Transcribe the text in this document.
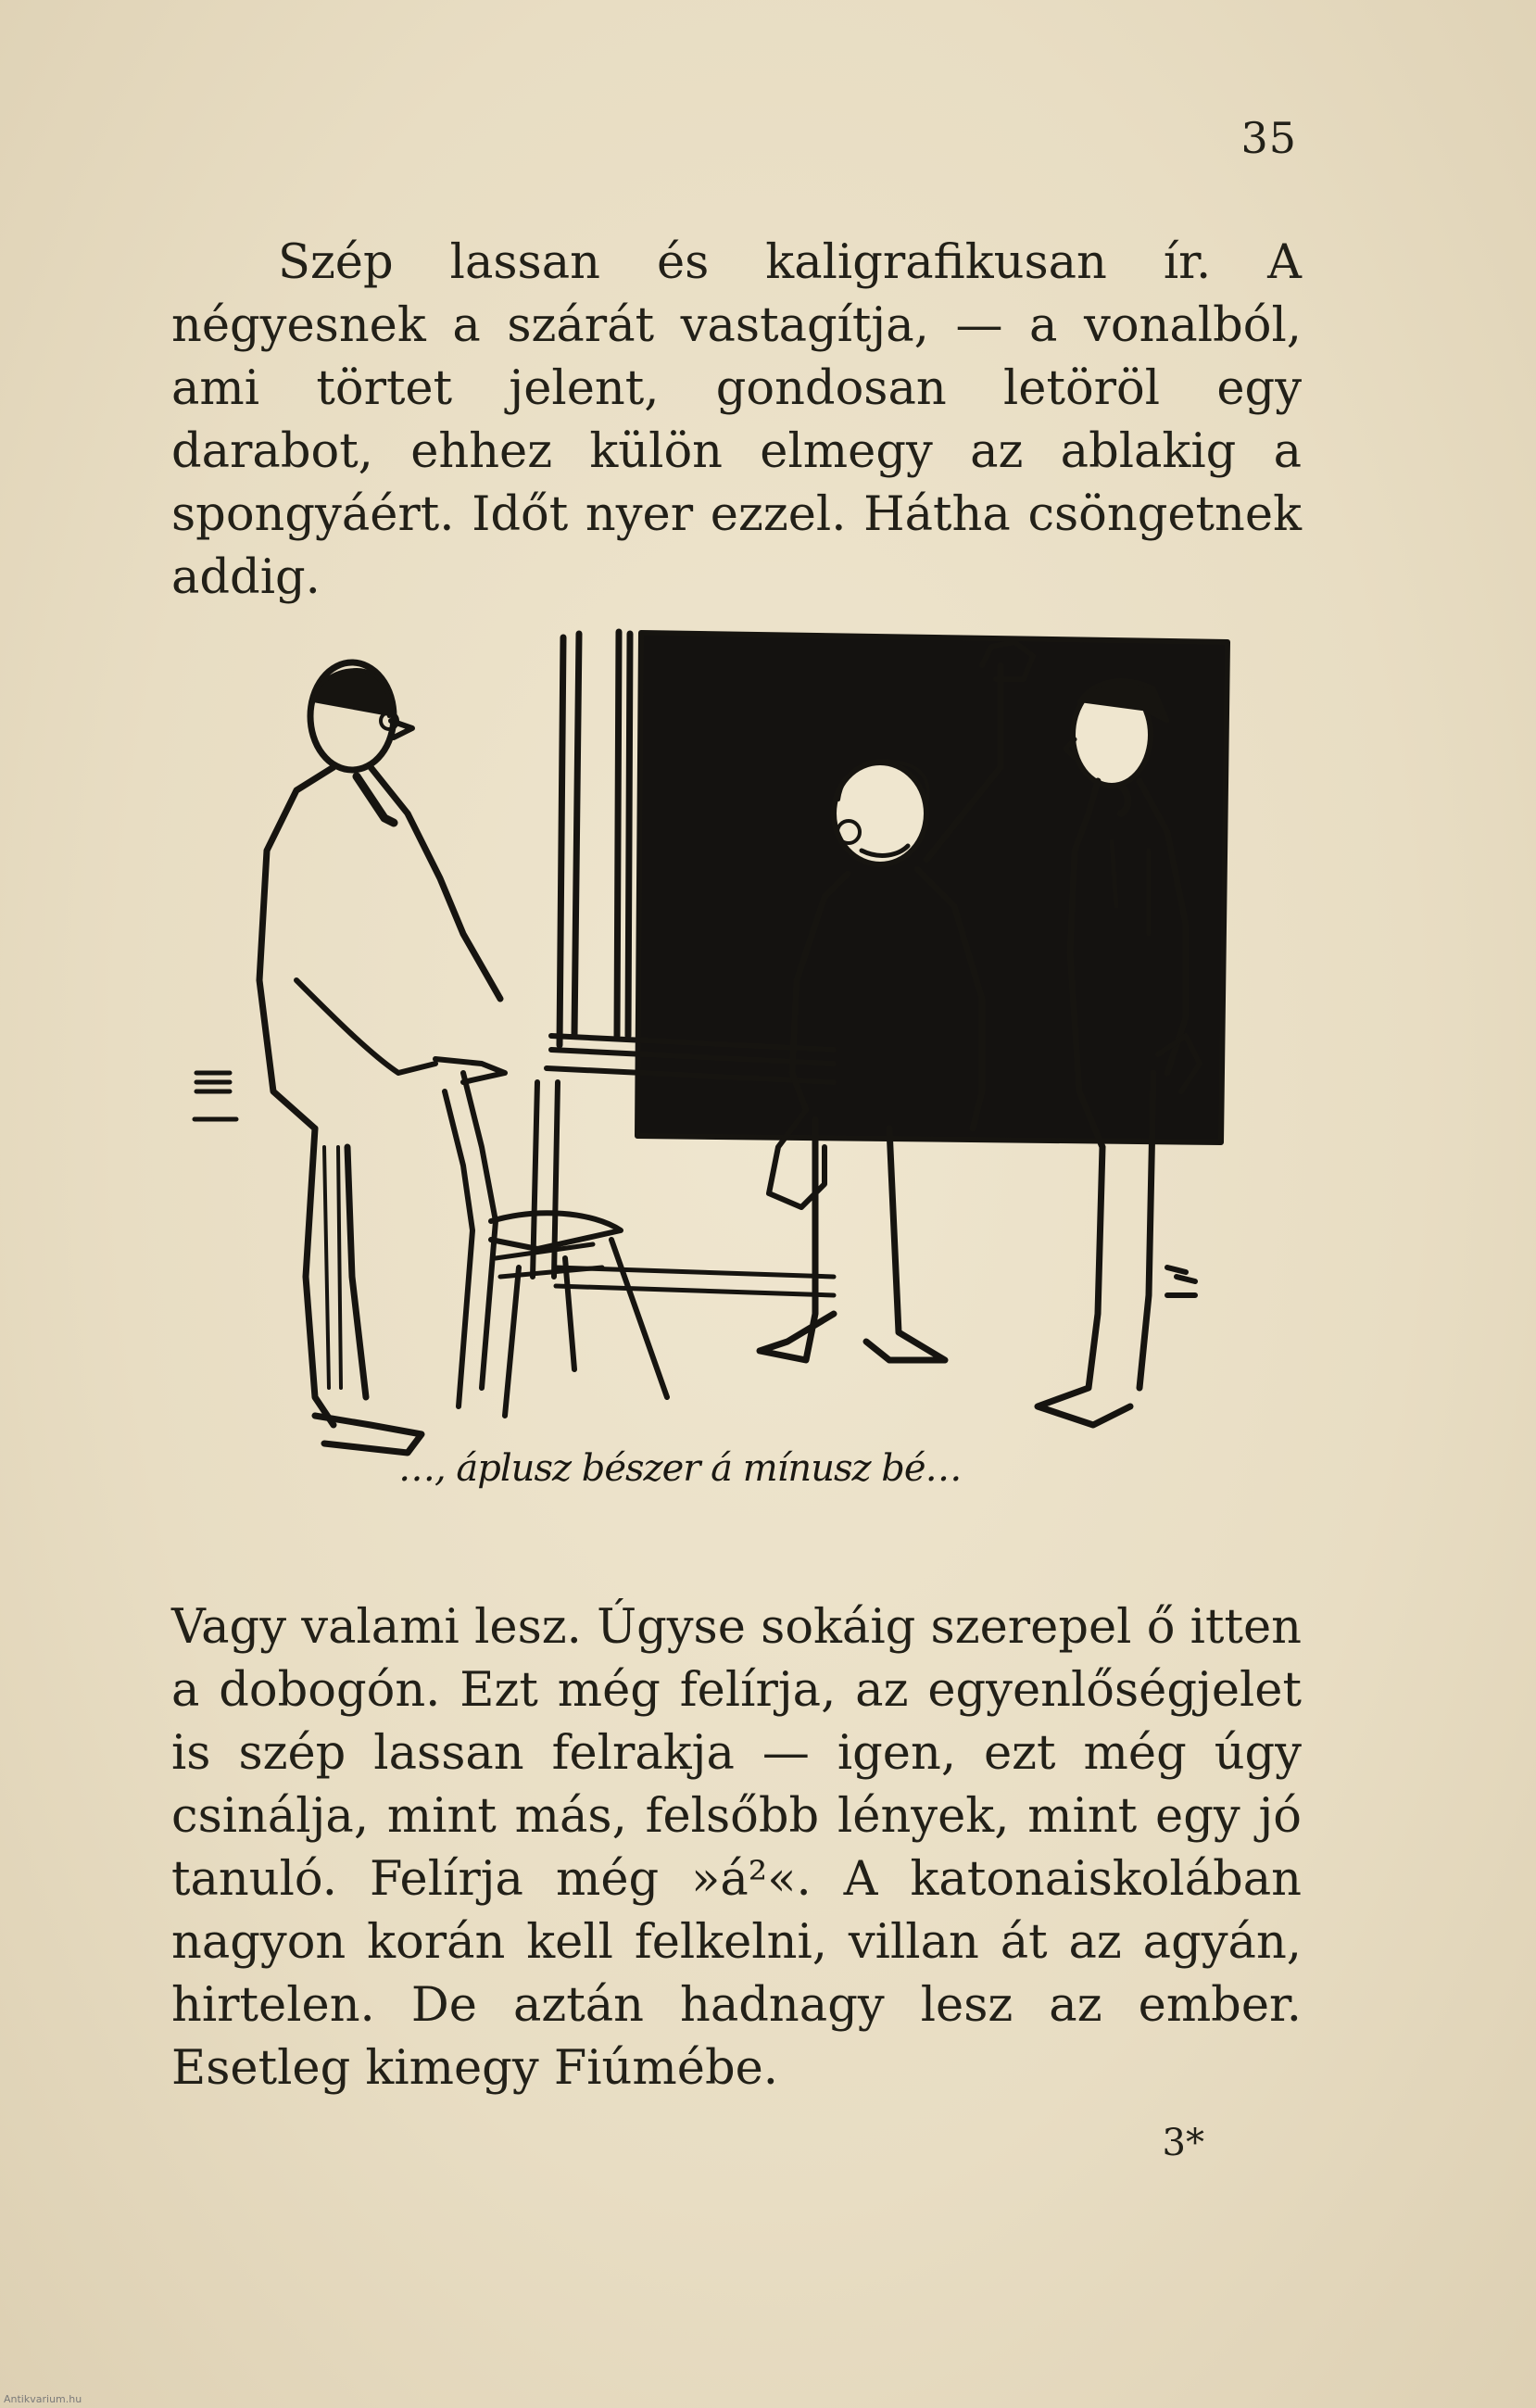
35
Szép lassan és kaligrafikusan ír. A négyesnek a szárát vastagítja, — a vonalból, ami törtet jelent, gondosan letöröl egy darabot, ehhez külön elmegy az ablakig a spongyáért. Időt nyer ezzel. Hátha csöngetnek addig.
…, áplusz bészer á mínusz bé…
Vagy valami lesz. Úgyse sokáig szerepel ő itten a dobogón. Ezt még felírja, az egyenlőségjelet is szép lassan felrakja — igen, ezt még úgy csinálja, mint más, felsőbb lények, mint egy jó tanuló. Felírja még »á²«. A katonaiskolában nagyon korán kell felkelni, villan át az agyán, hirtelen. De aztán hadnagy lesz az ember. Esetleg kimegy Fiúmébe.
3*
Antikvarium.hu
